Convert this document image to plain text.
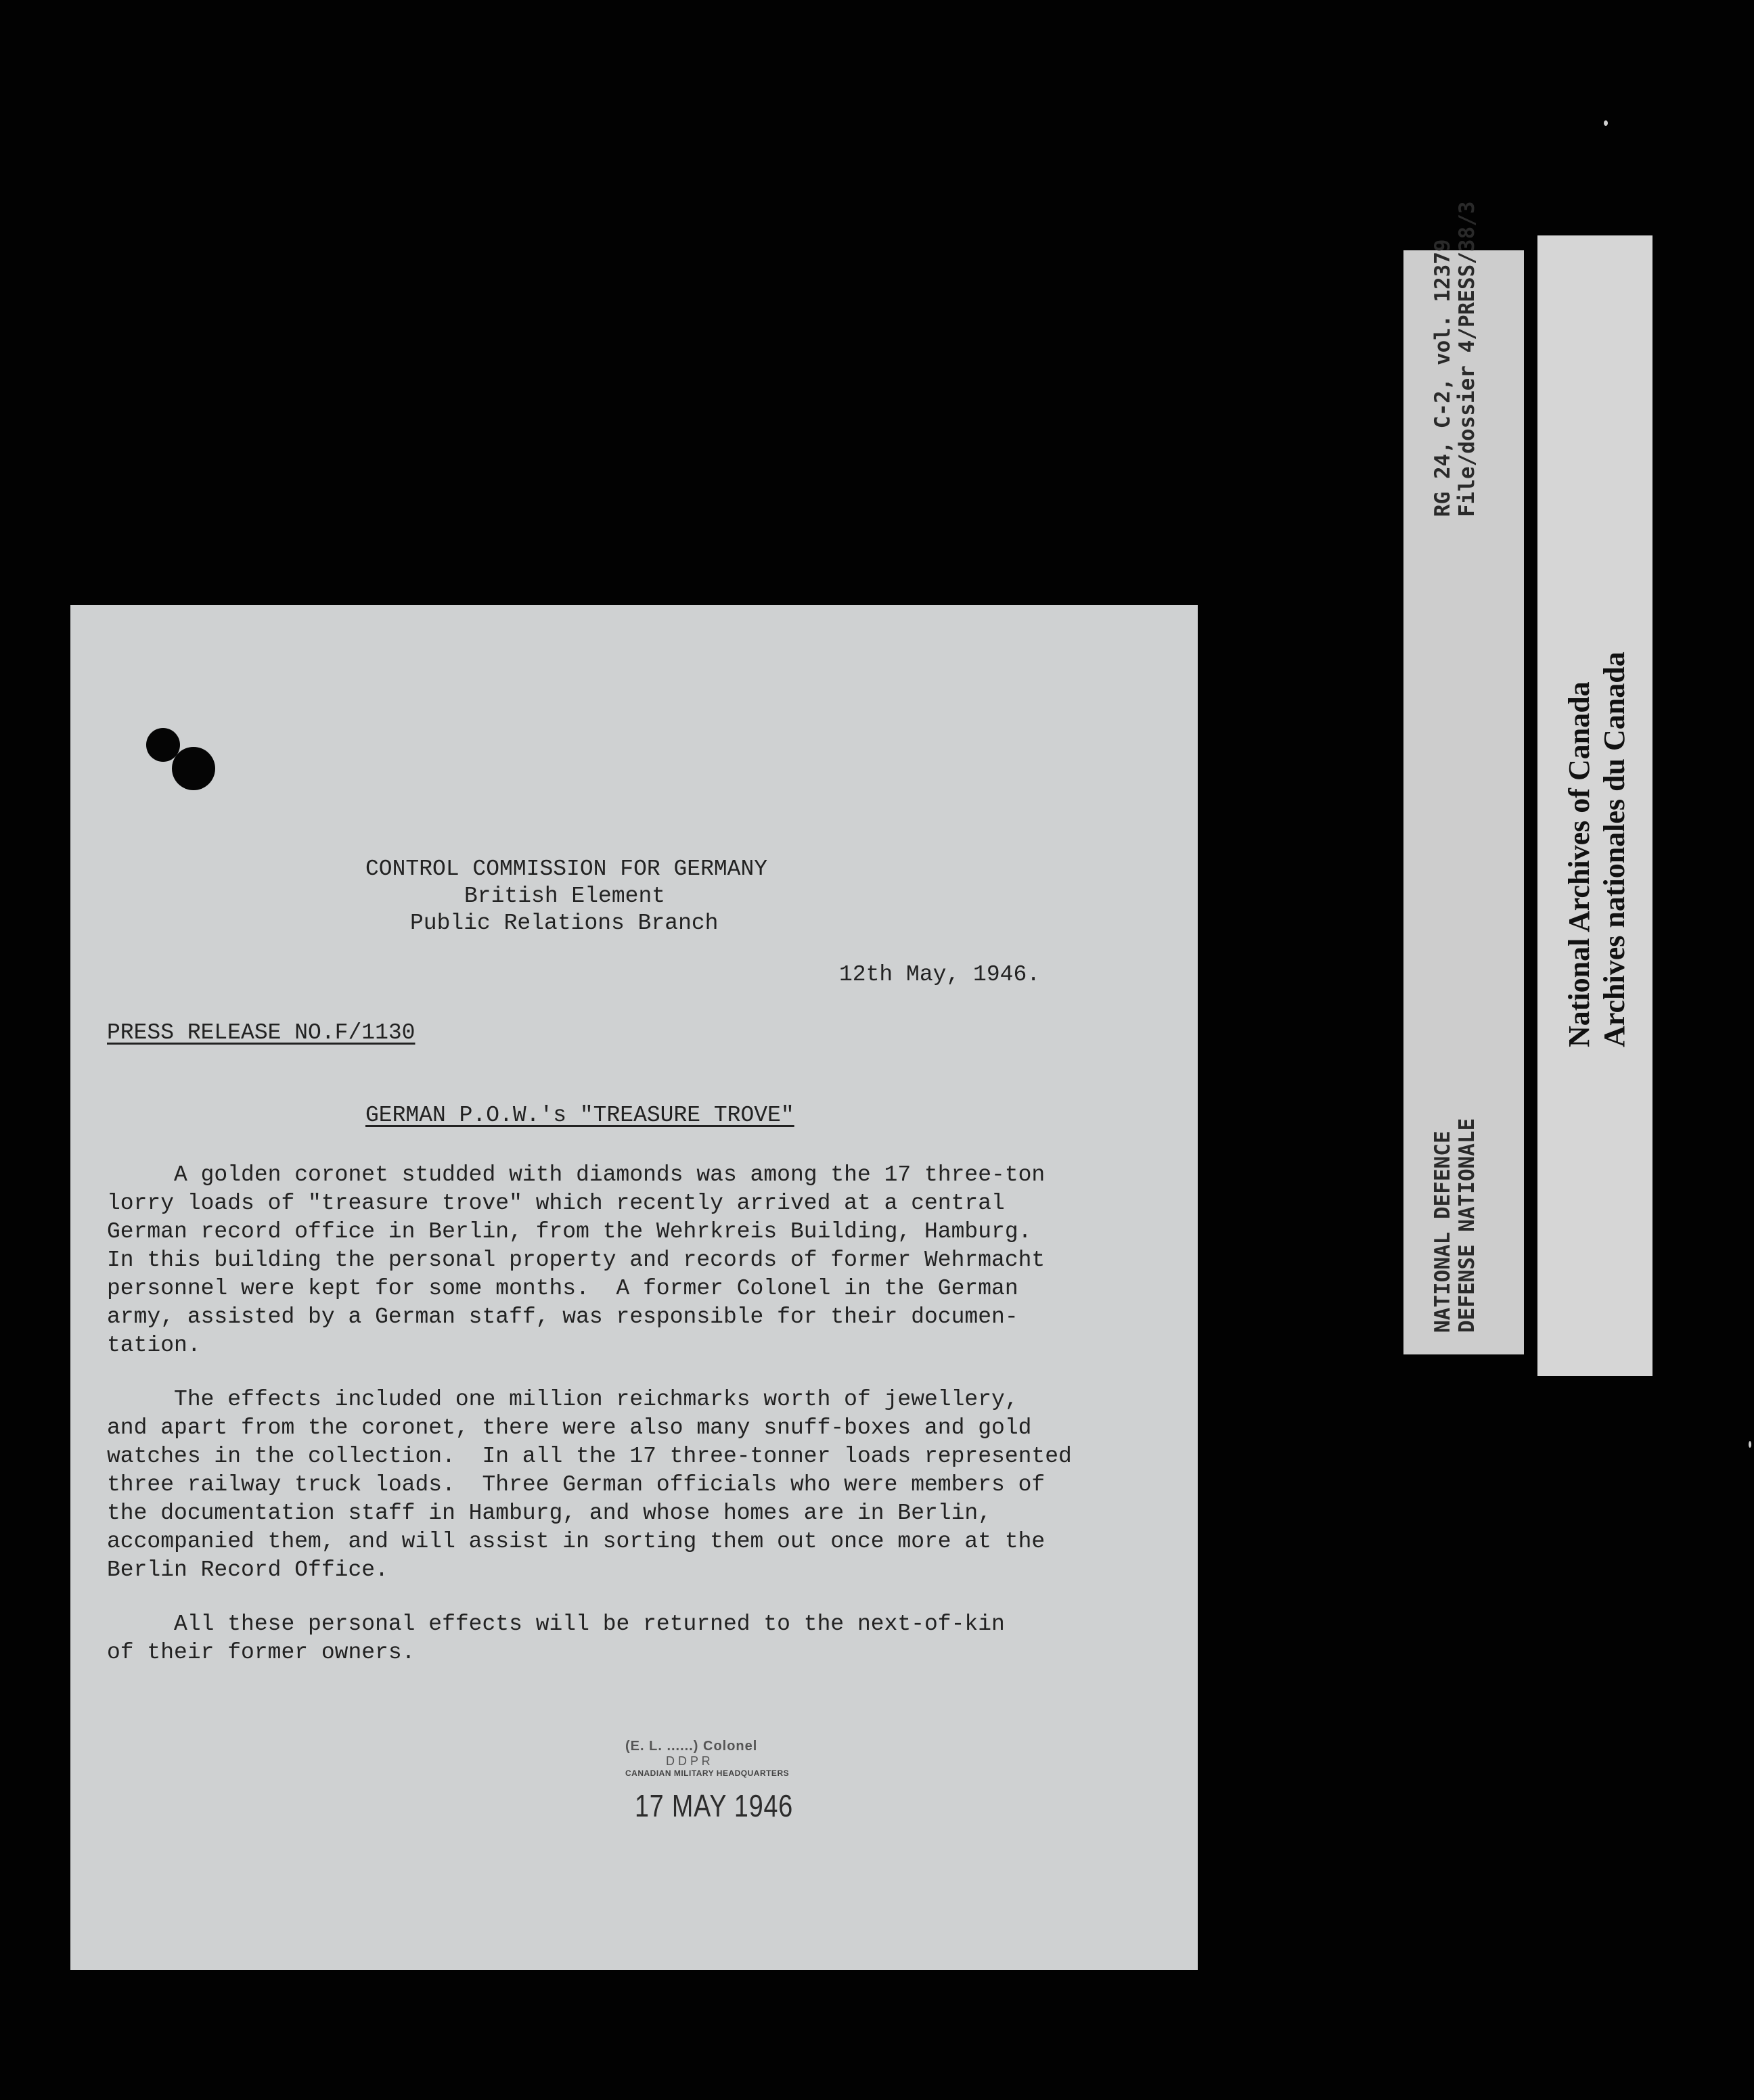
CONTROL COMMISSION FOR GERMANY
British Element
Public Relations Branch
12th May, 1946.
PRESS RELEASE NO.F/1130
GERMAN P.O.W.'s "TREASURE TROVE"
A golden coronet studded with diamonds was among the 17 three-ton
lorry loads of "treasure trove" which recently arrived at a central
German record office in Berlin, from the Wehrkreis Building, Hamburg.
In this building the personal property and records of former Wehrmacht
personnel were kept for some months.  A former Colonel in the German
army, assisted by a German staff, was responsible for their documen-
tation.
The effects included one million reichmarks worth of jewellery,
and apart from the coronet, there were also many snuff-boxes and gold
watches in the collection.  In all the 17 three-tonner loads represented
three railway truck loads.  Three German officials who were members of
the documentation staff in Hamburg, and whose homes are in Berlin,
accompanied them, and will assist in sorting them out once more at the
Berlin Record Office.
All these personal effects will be returned to the next-of-kin
of their former owners.
(E. L. ......) Colonel
D D P R
CANADIAN MILITARY HEADQUARTERS
17 MAY 1946
RG 24, C-2, vol. 12379 File/dossier 4/PRESS/38/3
NATIONAL DEFENCE DEFENSE NATIONALE
National Archives of Canada Archives nationales du Canada
